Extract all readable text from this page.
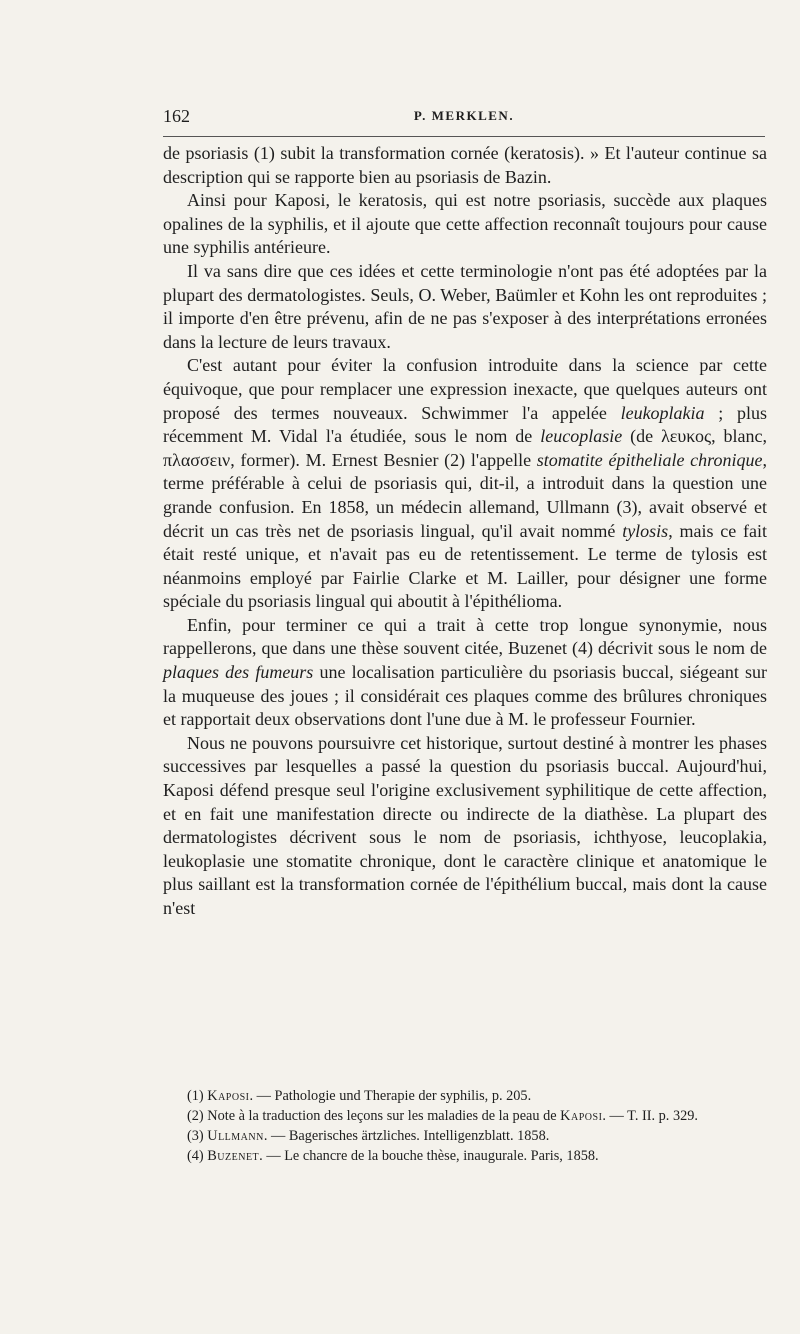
162	P. MERKLEN.

de psoriasis (1) subit la transformation cornée (keratosis). » Et l'auteur continue sa description qui se rapporte bien au psoriasis de Bazin.

Ainsi pour Kaposi, le keratosis, qui est notre psoriasis, succède aux plaques opalines de la syphilis, et il ajoute que cette affection reconnaît toujours pour cause une syphilis antérieure.

Il va sans dire que ces idées et cette terminologie n'ont pas été adoptées par la plupart des dermatologistes. Seuls, O. Weber, Baümler et Kohn les ont reproduites ; il importe d'en être prévenu, afin de ne pas s'exposer à des interprétations erronées dans la lecture de leurs travaux.

C'est autant pour éviter la confusion introduite dans la science par cette équivoque, que pour remplacer une expression inexacte, que quelques auteurs ont proposé des termes nouveaux. Schwimmer l'a appelée leukoplakia ; plus récemment M. Vidal l'a étudiée, sous le nom de leucoplasie (de λευκος, blanc, πλασσειν, former). M. Ernest Besnier (2) l'appelle stomatite épitheliale chronique, terme préférable à celui de psoriasis qui, dit-il, a introduit dans la question une grande confusion. En 1858, un médecin allemand, Ullmann (3), avait observé et décrit un cas très net de psoriasis lingual, qu'il avait nommé tylosis, mais ce fait était resté unique, et n'avait pas eu de retentissement. Le terme de tylosis est néanmoins employé par Fairlie Clarke et M. Lailler, pour désigner une forme spéciale du psoriasis lingual qui aboutit à l'épithélioma.

Enfin, pour terminer ce qui a trait à cette trop longue synonymie, nous rappellerons, que dans une thèse souvent citée, Buzenet (4) décrivit sous le nom de plaques des fumeurs une localisation particulière du psoriasis buccal, siégeant sur la muqueuse des joues ; il considérait ces plaques comme des brûlures chroniques et rapportait deux observations dont l'une due à M. le professeur Fournier.

Nous ne pouvons poursuivre cet historique, surtout destiné à montrer les phases successives par lesquelles a passé la question du psoriasis buccal. Aujourd'hui, Kaposi défend presque seul l'origine exclusivement syphilitique de cette affection, et en fait une manifestation directe ou indirecte de la diathèse. La plupart des dermatologistes décrivent sous le nom de psoriasis, ichthyose, leucoplakia, leukoplasie une stomatite chronique, dont le caractère clinique et anatomique le plus saillant est la transformation cornée de l'épithélium buccal, mais dont la cause n'est

(1) Kaposi. — Pathologie und Therapie der syphilis, p. 205.

(2) Note à la traduction des leçons sur les maladies de la peau de Kaposi. — T. II. p. 329.

(3) Ullmann. — Bagerisches ärtzliches. Intelligenzblatt. 1858.

(4) Buzenet. — Le chancre de la bouche thèse, inaugurale. Paris, 1858.
